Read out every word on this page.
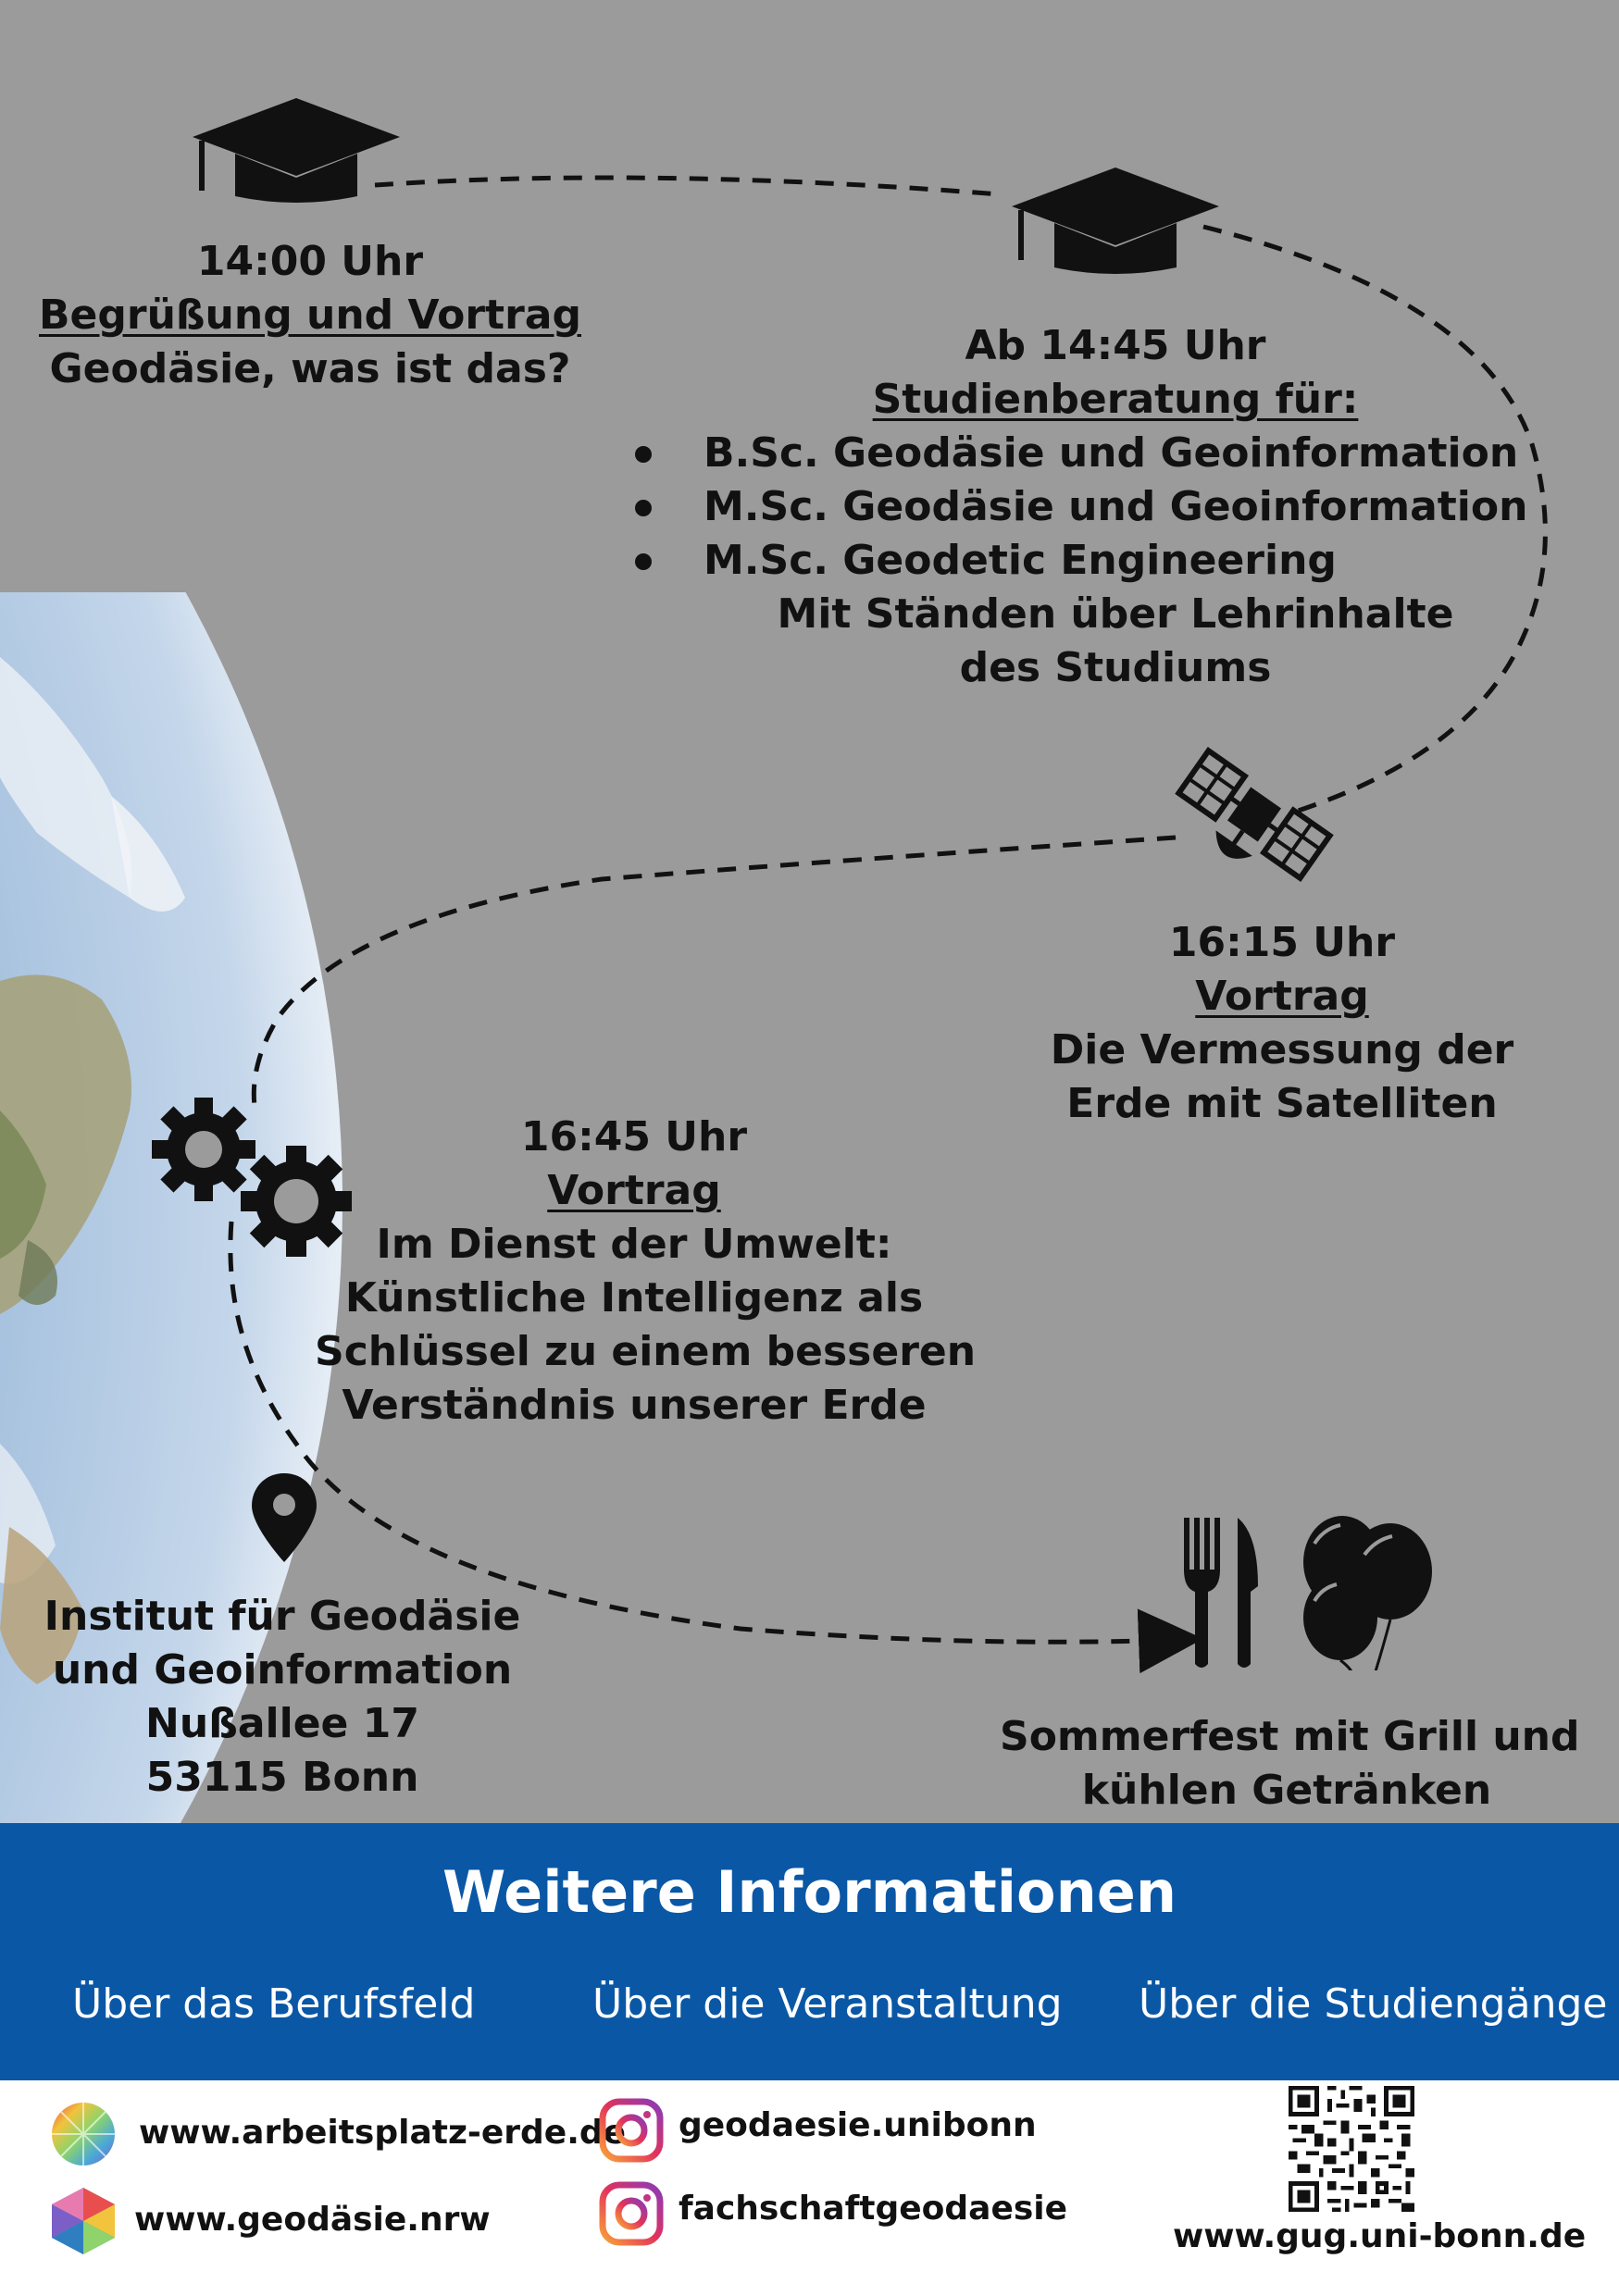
14:00 Uhr
Begrüßung und Vortrag
Geodäsie, was ist das?	Ab 14:45 Uhr
Studienberatung für:
B.Sc. Geodäsie und Geoinformation
M.Sc. Geodäsie und Geoinformation
M.Sc. Geodetic Engineering
Mit Ständen über Lehrinhalte
des Studiums
16:15 Uhr
Vortrag
Die Vermessung der
Erde mit Satelliten
16:45 Uhr
Vortrag
Im Dienst der Umwelt:
Künstliche Intelligenz als
Schlüssel zu einem besseren
Verständnis unserer Erde
Institut für Geodäsie
und Geoinformation
Nußallee 17
53115 Bonn
Sommerfest mit Grill und
kühlen Getränken
Weitere Informationen
Über das Berufsfeld	Über die Veranstaltung Über die Studiengänge
www.arbeitsplatz-erde.de
www.geodäsie.nrw
geodaesie.unibonn
fachschaftgeodaesie
www.gug.uni-bonn.de
